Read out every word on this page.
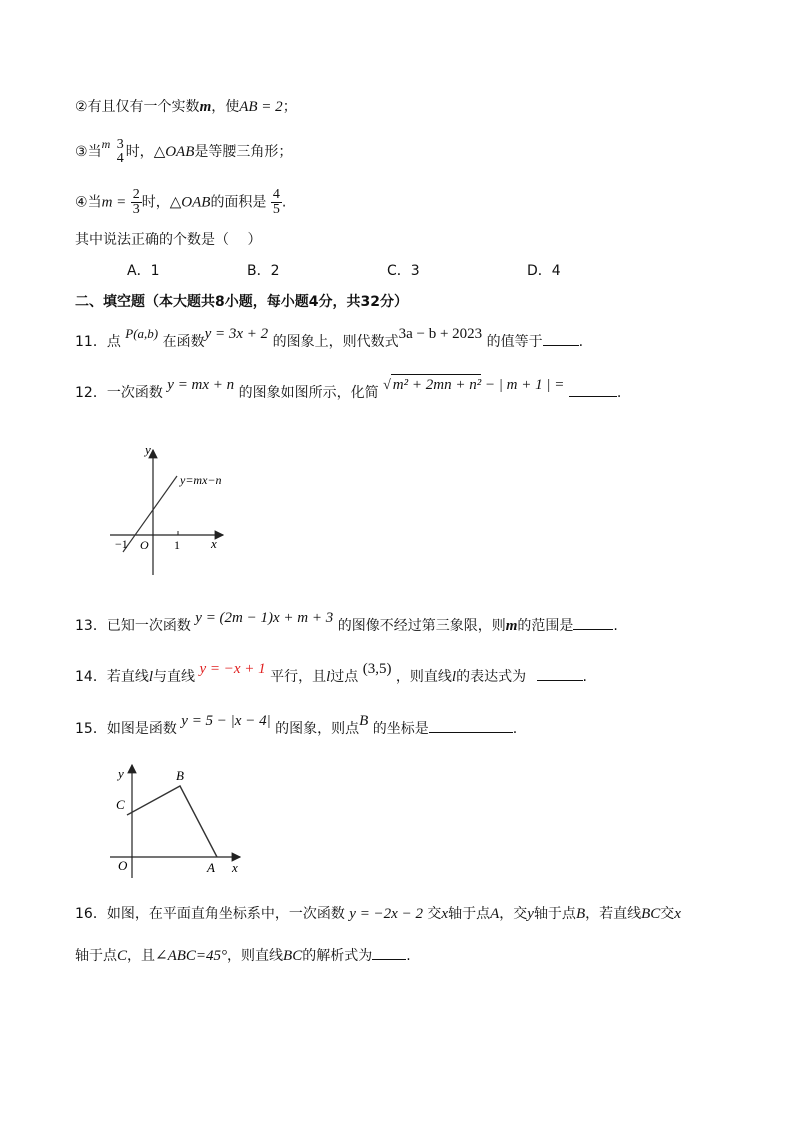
②有且仅有一个实数m，使AB = 2；
③当m 3
4 时，△OAB是等腰三角形；
④当$m = \frac{2}{3}$ 时，△OAB的面积是 $\frac{4}{5}$ .
其中说法正确的个数是（　 ）
A．1	B．2	C．3	D．4
二、填空题（本大题共8小题，每小题4分，共32分）
11．点 P(a,b) 在函数y = 3x + 2 的图象上，则代数式3a − b + 2023 的值等于	.
12．一次函数 y = mx + n 的图象如图所示，化简 √ m² + 2mn + n² − | m + 1 | =	.
y
x
y=mx−n
−1 O 1
13．已知一次函数 y = (2m − 1)x + m + 3 的图像不经过第三象限，则m的范围是	.
14．若直线l与直线 y = −x + 1 平行，且l过点 (3,5) ，则直线l的表达式为	.
15．如图是函数 y = 5 − |x − 4| 的图象，则点B 的坐标是	.
y
x
B
C
O	A
16．如图，在平面直角坐标系中，一次函数 y = −2x − 2 交x轴于点A，交y轴于点B，若直线BC交x
轴于点C，且∠ABC=45°，则直线BC的解析式为 .
